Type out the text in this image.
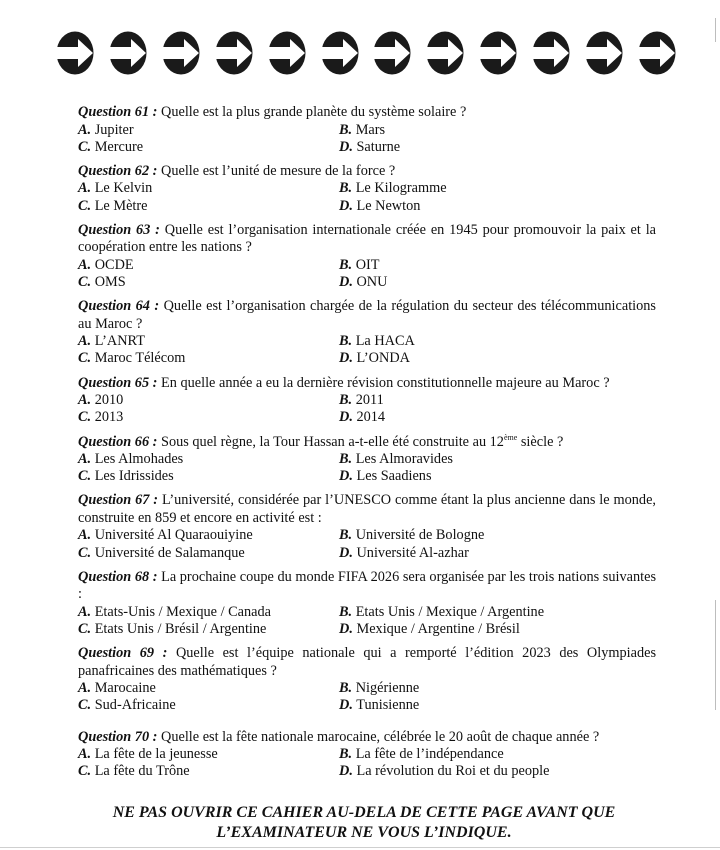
Question 61 : Quelle est la plus grande planète du système solaire ?

A. Jupiter	B. Mars
C. Mercure	D. Saturne

Question 62 : Quelle est l’unité de mesure de la force ?

A. Le Kelvin	B. Le Kilogramme
C. Le Mètre	D. Le Newton

Question 63 : Quelle est l’organisation internationale créée en 1945 pour promouvoir la paix et la coopération entre les nations ?

A. OCDE	B. OIT
C. OMS	D. ONU

Question 64 : Quelle est l’organisation chargée de la régulation du secteur des télécommunications au Maroc ?

A. L’ANRT	B. La HACA
C. Maroc Télécom	D. L’ONDA

Question 65 : En quelle année a eu la dernière révision constitutionnelle majeure au Maroc ?

A. 2010	B. 2011
C. 2013	D. 2014

Question 66 : Sous quel règne, la Tour Hassan a-t-elle été construite au 12ème siècle ?

A. Les Almohades	B. Les Almoravides
C. Les Idrissides	D. Les Saadiens

Question 67 : L’université, considérée par l’UNESCO comme étant la plus ancienne dans le monde, construite en 859 et encore en activité est :

A. Université Al Quaraouiyine	B. Université de Bologne
C. Université de Salamanque	D. Université Al-azhar

Question 68 : La prochaine coupe du monde FIFA 2026 sera organisée par les trois nations suivantes :

A. Etats-Unis / Mexique / Canada	B. Etats Unis / Mexique / Argentine
C. Etats Unis / Brésil / Argentine	D. Mexique / Argentine / Brésil

Question 69 : Quelle est l’équipe nationale qui a remporté l’édition 2023 des Olympiades panafricaines des mathématiques ?

A. Marocaine	B. Nigérienne
C. Sud-Africaine	D. Tunisienne

Question 70 : Quelle est la fête nationale marocaine, célébrée le 20 août de chaque année ?

A. La fête de la jeunesse	B. La fête de l’indépendance
C. La fête du Trône	D. La révolution du Roi et du people
NE PAS OUVRIR CE CAHIER AU-DELA DE CETTE PAGE AVANT QUE
L’EXAMINATEUR NE VOUS L’INDIQUE.
